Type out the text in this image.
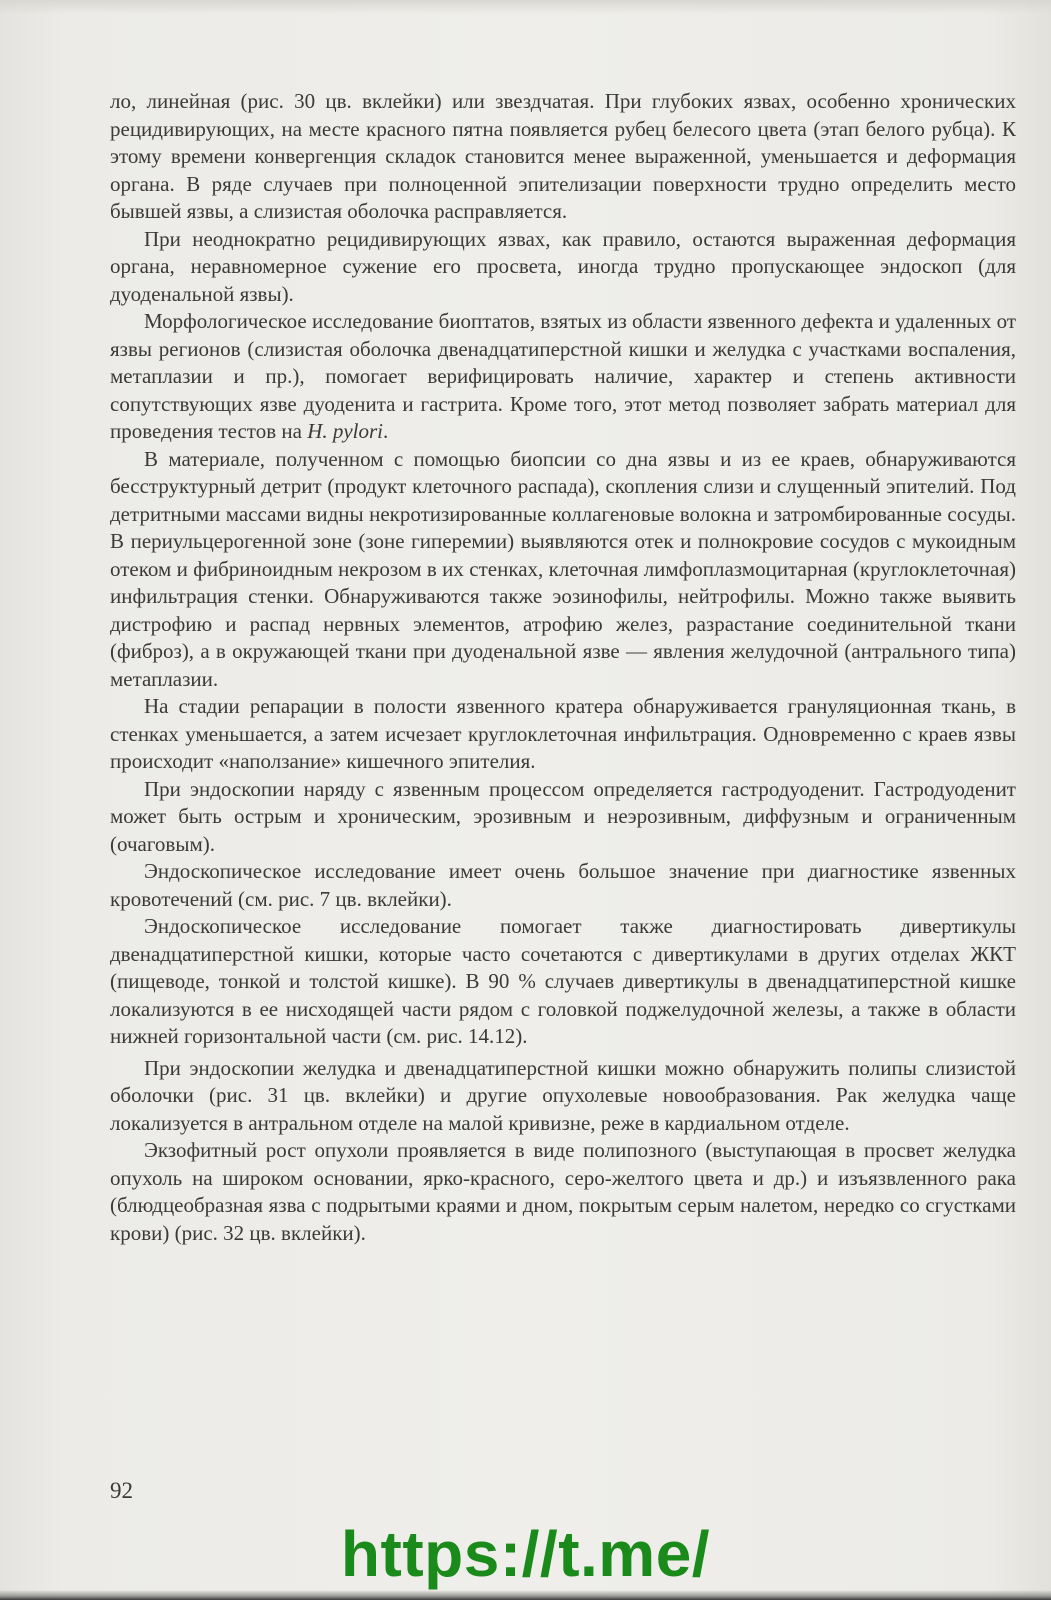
ло, линейная (рис. 30 цв. вклейки) или звездчатая. При глубоких язвах, особенно хронических рецидивирующих, на месте красного пятна появляется рубец белесого цвета (этап белого рубца). К этому времени конвергенция складок становится менее выраженной, уменьшается и деформация органа. В ряде случаев при полноценной эпителизации поверхности трудно определить место бывшей язвы, а слизистая оболочка расправляется.

При неоднократно рецидивирующих язвах, как правило, остаются выраженная деформация органа, неравномерное сужение его просвета, иногда трудно пропускающее эндоскоп (для дуоденальной язвы).

Морфологическое исследование биоптатов, взятых из области язвенного дефекта и удаленных от язвы регионов (слизистая оболочка двенадцатиперстной кишки и желудка с участками воспаления, метаплазии и пр.), помогает верифицировать наличие, характер и степень активности сопутствующих язве дуоденита и гастрита. Кроме того, этот метод позволяет забрать материал для проведения тестов на H. pylori.

В материале, полученном с помощью биопсии со дна язвы и из ее краев, обнаруживаются бесструктурный детрит (продукт клеточного распада), скопления слизи и слущенный эпителий. Под детритными массами видны некротизированные коллагеновые волокна и затромбированные сосуды. В периульцерогенной зоне (зоне гиперемии) выявляются отек и полнокровие сосудов с мукоидным отеком и фибриноидным некрозом в их стенках, клеточная лимфоплазмоцитарная (круглоклеточная) инфильтрация стенки. Обнаруживаются также эозинофилы, нейтрофилы. Можно также выявить дистрофию и распад нервных элементов, атрофию желез, разрастание соединительной ткани (фиброз), а в окружающей ткани при дуоденальной язве — явления желудочной (антрального типа) метаплазии.

На стадии репарации в полости язвенного кратера обнаруживается грануляционная ткань, в стенках уменьшается, а затем исчезает круглоклеточная инфильтрация. Одновременно с краев язвы происходит «наползание» кишечного эпителия.

При эндоскопии наряду с язвенным процессом определяется гастродуоденит. Гастродуоденит может быть острым и хроническим, эрозивным и неэрозивным, диффузным и ограниченным (очаговым).

Эндоскопическое исследование имеет очень большое значение при диагностике язвенных кровотечений (см. рис. 7 цв. вклейки).

Эндоскопическое исследование помогает также диагностировать дивертикулы двенадцатиперстной кишки, которые часто сочетаются с дивертикулами в других отделах ЖКТ (пищеводе, тонкой и толстой кишке). В 90 % случаев дивертикулы в двенадцатиперстной кишке локализуются в ее нисходящей части рядом с головкой поджелудочной железы, а также в области нижней горизонтальной части (см. рис. 14.12).

При эндоскопии желудка и двенадцатиперстной кишки можно обнаружить полипы слизистой оболочки (рис. 31 цв. вклейки) и другие опухолевые новообразования. Рак желудка чаще локализуется в антральном отделе на малой кривизне, реже в кардиальном отделе.

Экзофитный рост опухоли проявляется в виде полипозного (выступающая в просвет желудка опухоль на широком основании, ярко-красного, серо-желтого цвета и др.) и изъязвленного рака (блюдцеобразная язва с подрытыми краями и дном, покрытым серым налетом, нередко со сгустками крови) (рис. 32 цв. вклейки).

92
https://t.me/
